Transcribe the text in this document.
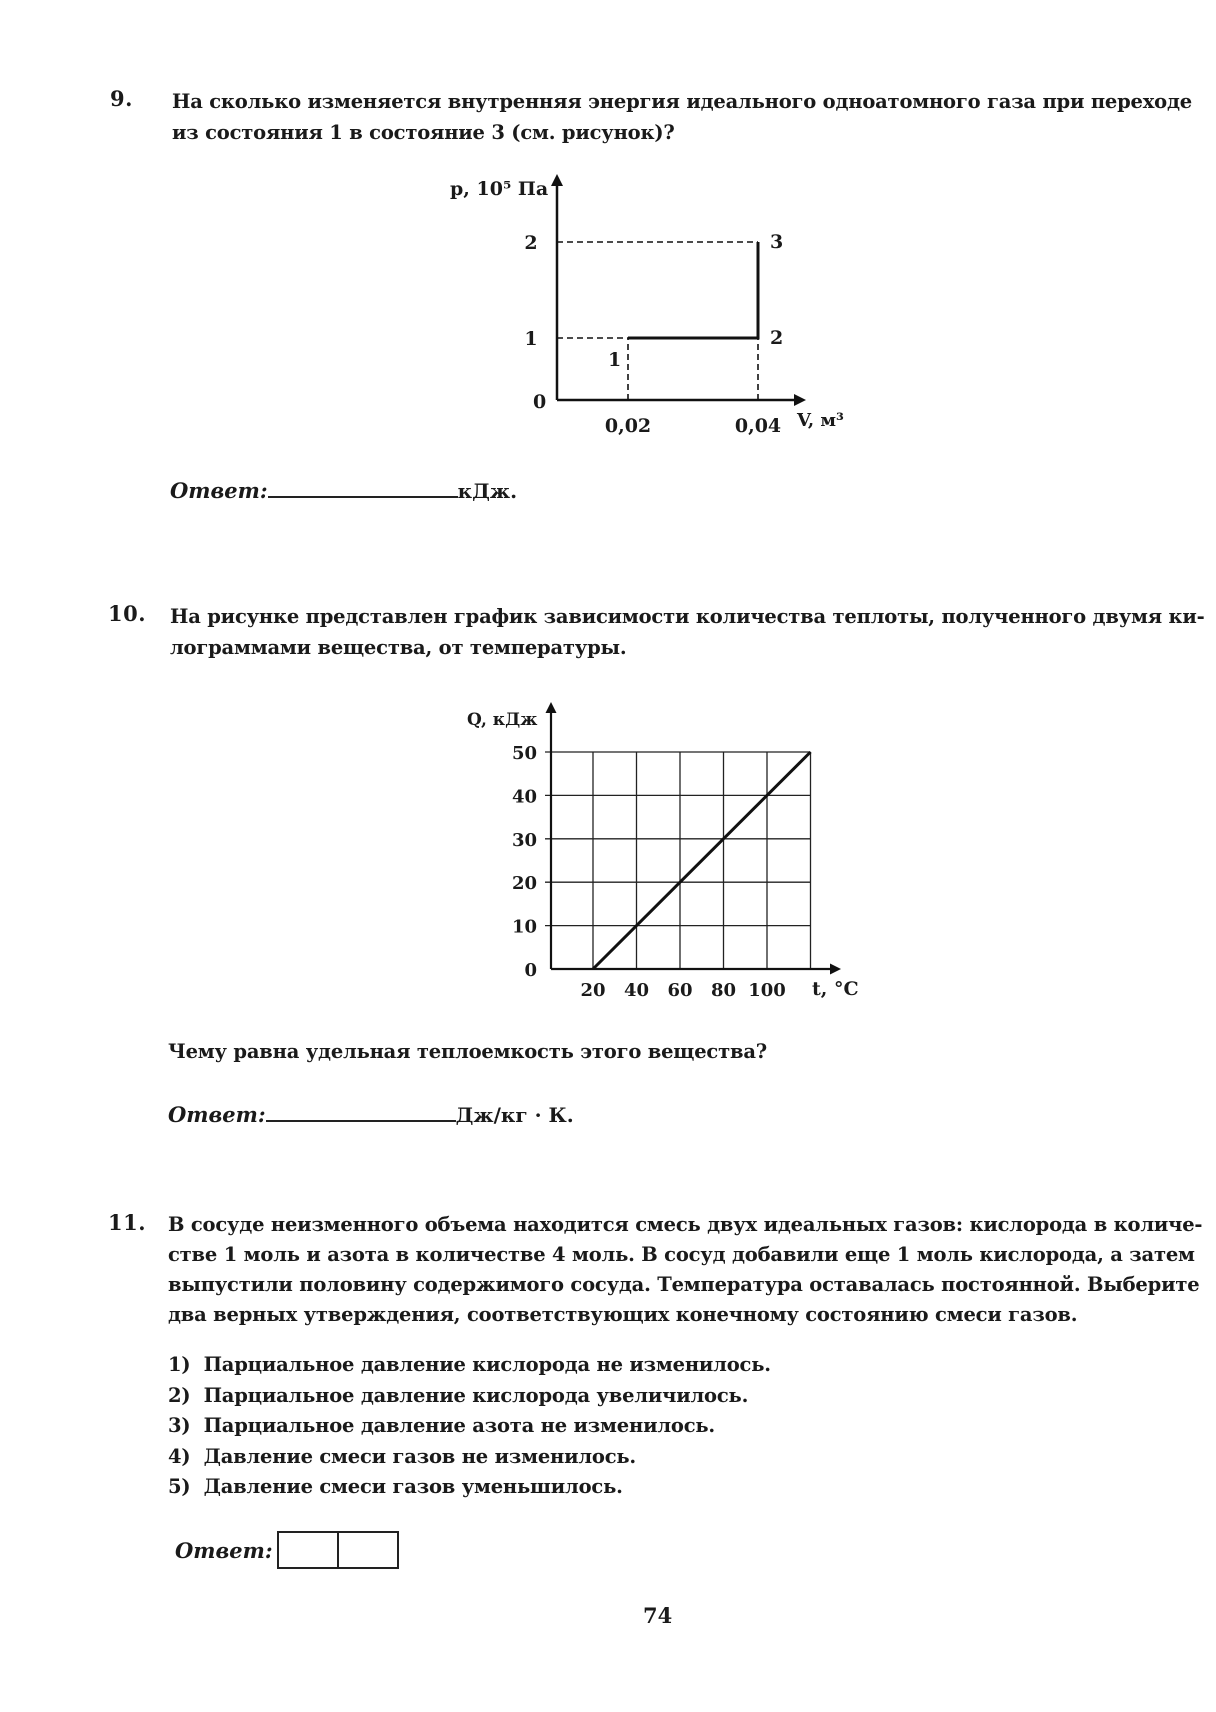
9. На сколько изменяется внутренняя энергия идеального одноатомного газа при переходе
из состояния 1 в состояние 3 (см. рисунок)?
1
2
3
0,02	0,04
1
2
p, 10⁵ Па
V, м³
0
Ответ:	кДж.
10. На рисунке представлен график зависимости количества теплоты, полученного двумя ки-
лограммами вещества, от температуры.
0
10
20
30
40
50
20 40 60 80 100
Q, кДж
t, °C
Чему равна удельная теплоемкость этого вещества?
Ответ:	Дж/кг · К.
11. В сосуде неизменного объема находится смесь двух идеальных газов: кислорода в количе-
стве 1 моль и азота в количестве 4 моль. В сосуд добавили еще 1 моль кислорода, а затем
выпустили половину содержимого сосуда. Температура оставалась постоянной. Выберите
два верных утверждения, соответствующих конечному состоянию смеси газов.
1)  Парциальное давление кислорода не изменилось.
2)  Парциальное давление кислорода увеличилось.
3)  Парциальное давление азота не изменилось.
4)  Давление смеси газов не изменилось.
5)  Давление смеси газов уменьшилось.
Ответ:
74
